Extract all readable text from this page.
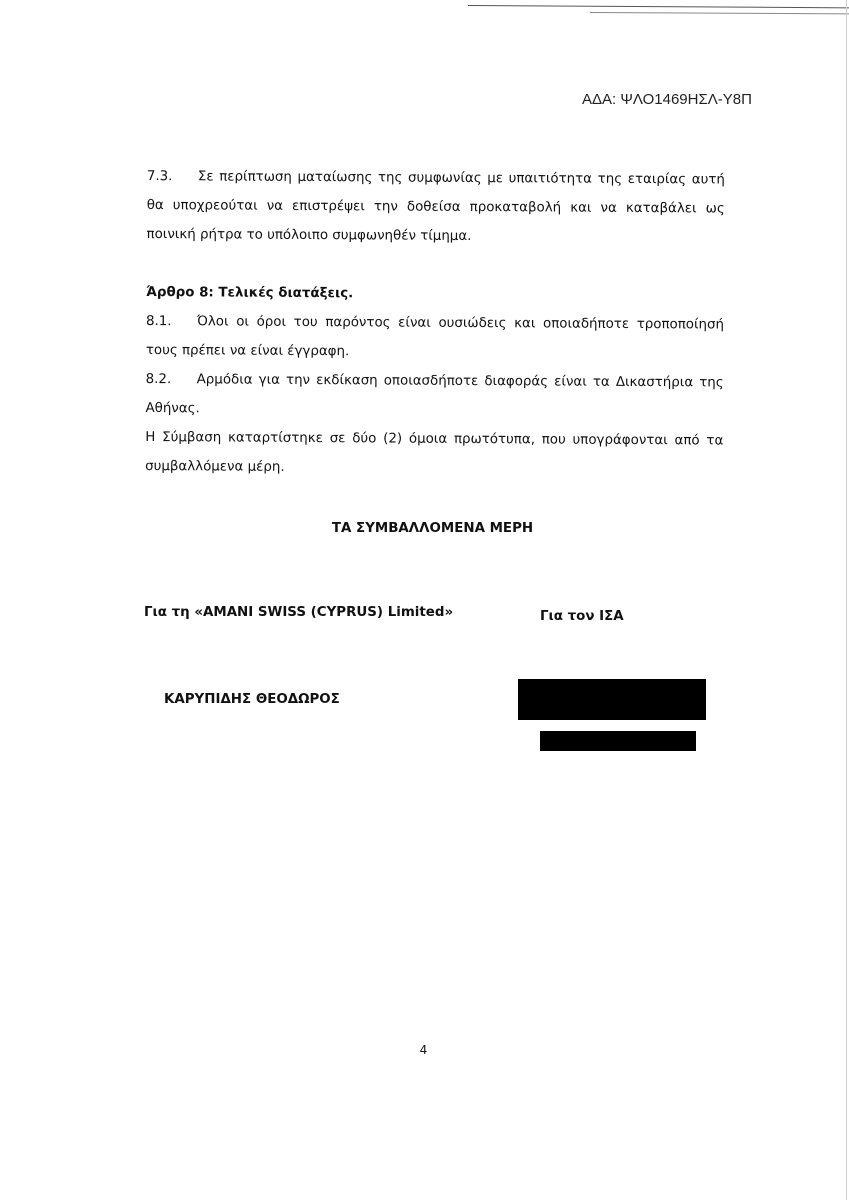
ΑΔΑ: ΨΛΟ1469ΗΣΛ-Υ8Π

7.3. Σε περίπτωση ματαίωσης της συμφωνίας με υπαιτιότητα της εταιρίας αυτή θα υποχρεούται να επιστρέψει την δοθείσα προκαταβολή και να καταβάλει ως ποινική ρήτρα το υπόλοιπο συμφωνηθέν τίμημα.

Άρθρο 8: Τελικές διατάξεις.

8.1. Όλοι οι όροι του παρόντος είναι ουσιώδεις και οποιαδήποτε τροποποίησή τους πρέπει να είναι έγγραφη.

8.2. Αρμόδια για την εκδίκαση οποιασδήποτε διαφοράς είναι τα Δικαστήρια της Αθήνας.

Η Σύμβαση καταρτίστηκε σε δύο (2) όμοια πρωτότυπα, που υπογράφονται από τα συμβαλλόμενα μέρη.

ΤΑ ΣΥΜΒΑΛΛΟΜΕΝΑ ΜΕΡΗ
Για τη «AMANI SWISS (CYPRUS) Limited»	Για τον ΙΣΑ
ΚΑΡΥΠΙΔΗΣ ΘΕΟΔΩΡΟΣ
4
